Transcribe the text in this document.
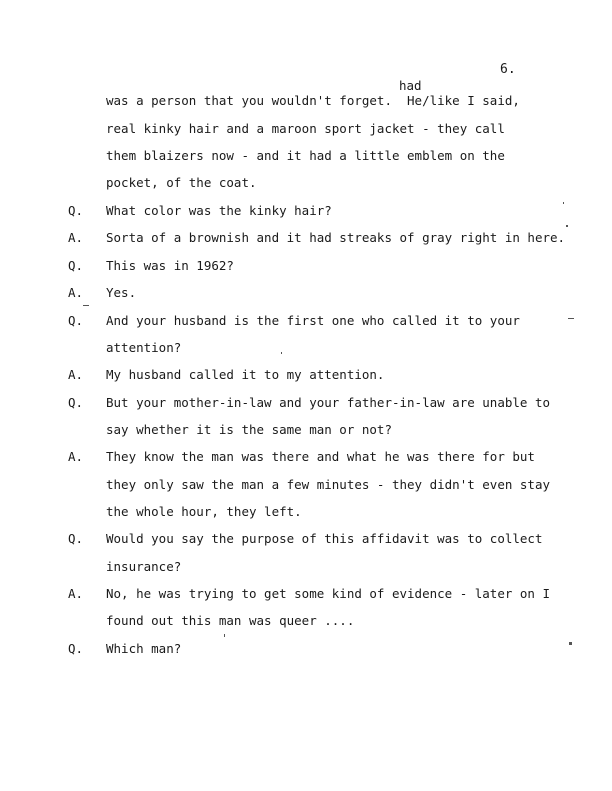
6.
had
was a person that you wouldn't forget.  He/like I said,
real kinky hair and a maroon sport jacket - they call
them blaizers now - and it had a little emblem on the
pocket, of the coat.
Q. What color was the kinky hair?
A. Sorta of a brownish and it had streaks of gray right in here.
Q. This was in 1962?
A. Yes.
Q. And your husband is the first one who called it to your
attention?
A. My husband called it to my attention.
Q. But your mother-in-law and your father-in-law are unable to
say whether it is the same man or not?
A. They know the man was there and what he was there for but
they only saw the man a few minutes - they didn't even stay
the whole hour, they left.
Q. Would you say the purpose of this affidavit was to collect
insurance?
A. No, he was trying to get some kind of evidence - later on I
found out this man was queer ....
Q. Which man?
